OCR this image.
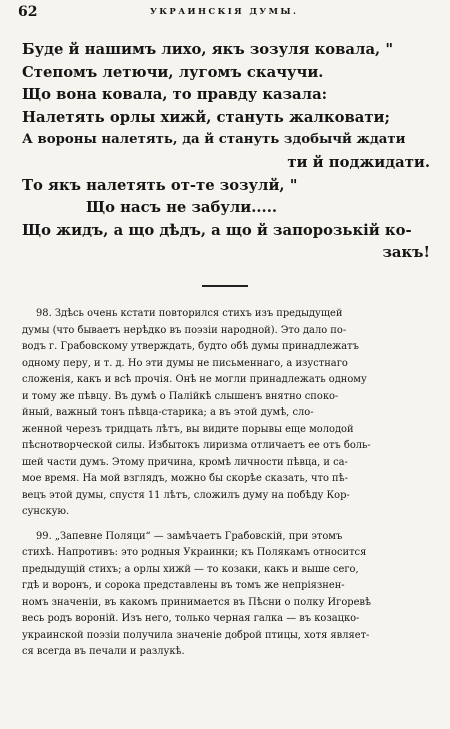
62	УКРАИНСКІЯ ДУМЫ.
Буде й нашимъ лихо, якъ зозуля ковала, "
Степомъ летючи, лугомъ скачучи.
Що вона ковала, то правду казала:
Налетять орлы хижй, стануть жалковати;
А вороны налетять, да й стануть здобычй ждати
ти й поджидати.
То якъ налетять от-те зозулй, "
Що насъ не забули.....
Що жидъ, а що дѣдъ, а що й запорозькій ко-
закъ!
98. Здѣсь очень кстати повторился стихъ изъ предыдущей
думы (что бываетъ нерѣдко въ поэзіи народной). Это дало по-
водъ г. Грабовскому утверждать, будто обѣ думы принадлежатъ
одному перу, и т. д. Но эти думы не письменнаго, а изустнаго
сложенія, какъ и всѣ прочія. Онѣ не могли принадлежать одному
и тому же пѣвцу. Въ думѣ о Палійкѣ слышенъ внятно споко-
йный, важный тонъ пѣвца-старика; а въ этой думѣ, сло-
женной черезъ тридцать лѣтъ, вы видите порывы еще молодой
пѣснотворческой силы. Избытокъ лиризма отличаетъ ее отъ боль-
шей части думъ. Этому причина, кромѣ личности пѣвца, и са-
мое время. На мой взглядъ, можно бы скорѣе сказать, что пѣ-
вецъ этой думы, спустя 11 лѣтъ, сложилъ думу на побѣду Кор-
сунскую.
99. „Запевне Поляци“ — замѣчаетъ Грабовскій, при этомъ
стихѣ. Напротивъ: это родныя Украинки; къ Полякамъ относится
предыдущій стихъ; а орлы хижй — то козаки, какъ и выше сего,
гдѣ и воронъ, и сорока представлены въ томъ же непріязнен-
номъ значеніи, въ какомъ принимается въ Пѣсни о полку Игоревѣ
весь родъ вороній. Изъ него, только черная галка — въ козацко-
украинской поэзіи получила значеніе доброй птицы, хотя являет-
ся всегда въ печали и разлукѣ.
